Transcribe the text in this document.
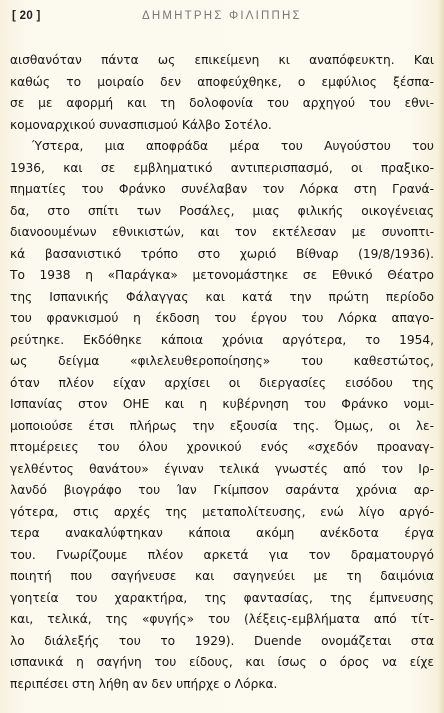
[ 20 ]	ΔΗΜΗΤΡΗΣ ΦΙΛΙΠΠΗΣ
αισθανόταν πάντα ως επικείμενη κι αναπόφευκτη. Και
καθώς το μοιραίο δεν αποφεύχθηκε, ο εμφύλιος ξέσπα-
σε με αφορμή και τη δολοφονία του αρχηγού του εθνι-
κομοναρχικού συνασπισμού Κάλβο Σοτέλο.
Ύστερα, μια αποφράδα μέρα του Αυγούστου του
1936, και σε εμβληματικό αντιπερισπασμό, οι πραξικο-
πηματίες του Φράνκο συνέλαβαν τον Λόρκα στη Γρανά-
δα, στο σπίτι των Ροσάλες, μιας φιλικής οικογένειας
διανοουμένων εθνικιστών, και τον εκτέλεσαν με συνοπτι-
κά βασανιστικό τρόπο στο χωριό Βίθναρ (19/8/1936).
Το 1938 η «Παράγκα» μετονομάστηκε σε Εθνικό Θέατρο
της Ισπανικής Φάλαγγας και κατά την πρώτη περίοδο
του φρανκισμού η έκδοση του έργου του Λόρκα απαγο-
ρεύτηκε. Εκδόθηκε κάποια χρόνια αργότερα, το 1954,
ως δείγμα «φιλελευθεροποίησης» του καθεστώτος,
όταν πλέον είχαν αρχίσει οι διεργασίες εισόδου της
Ισπανίας στον ΟΗΕ και η κυβέρνηση του Φράνκο νομι-
μοποιούσε έτσι πλήρως την εξουσία της. Όμως, οι λε-
πτομέρειες του όλου χρονικού ενός «σχεδόν προαναγ-
γελθέντος θανάτου» έγιναν τελικά γνωστές από τον Ιρ-
λανδό βιογράφο του Ίαν Γκίμπσον σαράντα χρόνια αρ-
γότερα, στις αρχές της μεταπολίτευσης, ενώ λίγο αργό-
τερα ανακαλύφτηκαν κάποια ακόμη ανέκδοτα έργα
του. Γνωρίζουμε πλέον αρκετά για τον δραματουργό
ποιητή που σαγήνευσε και σαγηνεύει με τη δαιμόνια
γοητεία του χαρακτήρα, της φαντασίας, της έμπνευσης
και, τελικά, της «φυγής» του (λέξεις-εμβλήματα από τίτ-
λο διάλεξής του το 1929). Duende ονομάζεται στα
ισπανικά η σαγήνη του είδους, και ίσως ο όρος να είχε
περιπέσει στη λήθη αν δεν υπήρχε ο Λόρκα.
